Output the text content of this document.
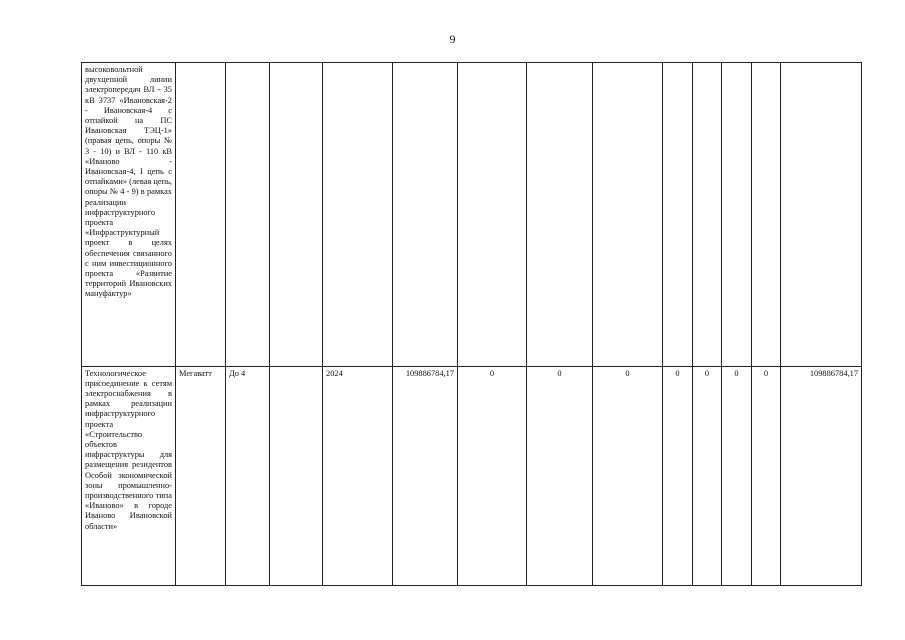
9
высоковольтной двухцепной линии электропередач ВЛ - 35 кВ 3737 «Ивановская-2 - Ивановская-4 с отпайкой на ПС Ивановская ТЭЦ-1» (правая цепь, опоры № 3 - 10) и ВЛ - 110 кВ «Иваново - Ивановская-4, I цепь с отпайками» (левая цепь, опоры № 4 - 9) в рамках реализации инфраструктурного проекта «Инфраструктурный проект в целях обеспечения связанного с ним инвестиционного проекта «Развитие территорий Ивановских мануфактур»													
Технологическое присоединение к сетям электроснабжения в рамках реализации инфраструктурного проекта «Строительство объектов инфраструктуры для размещения резидентов Особой экономической зоны промышленно-производственного типа «Иваново» в городе Иваново Ивановской области»	Мегаватт	До 4		2024	109886784,17	0	0	0	0	0	0	0	109886784,17
